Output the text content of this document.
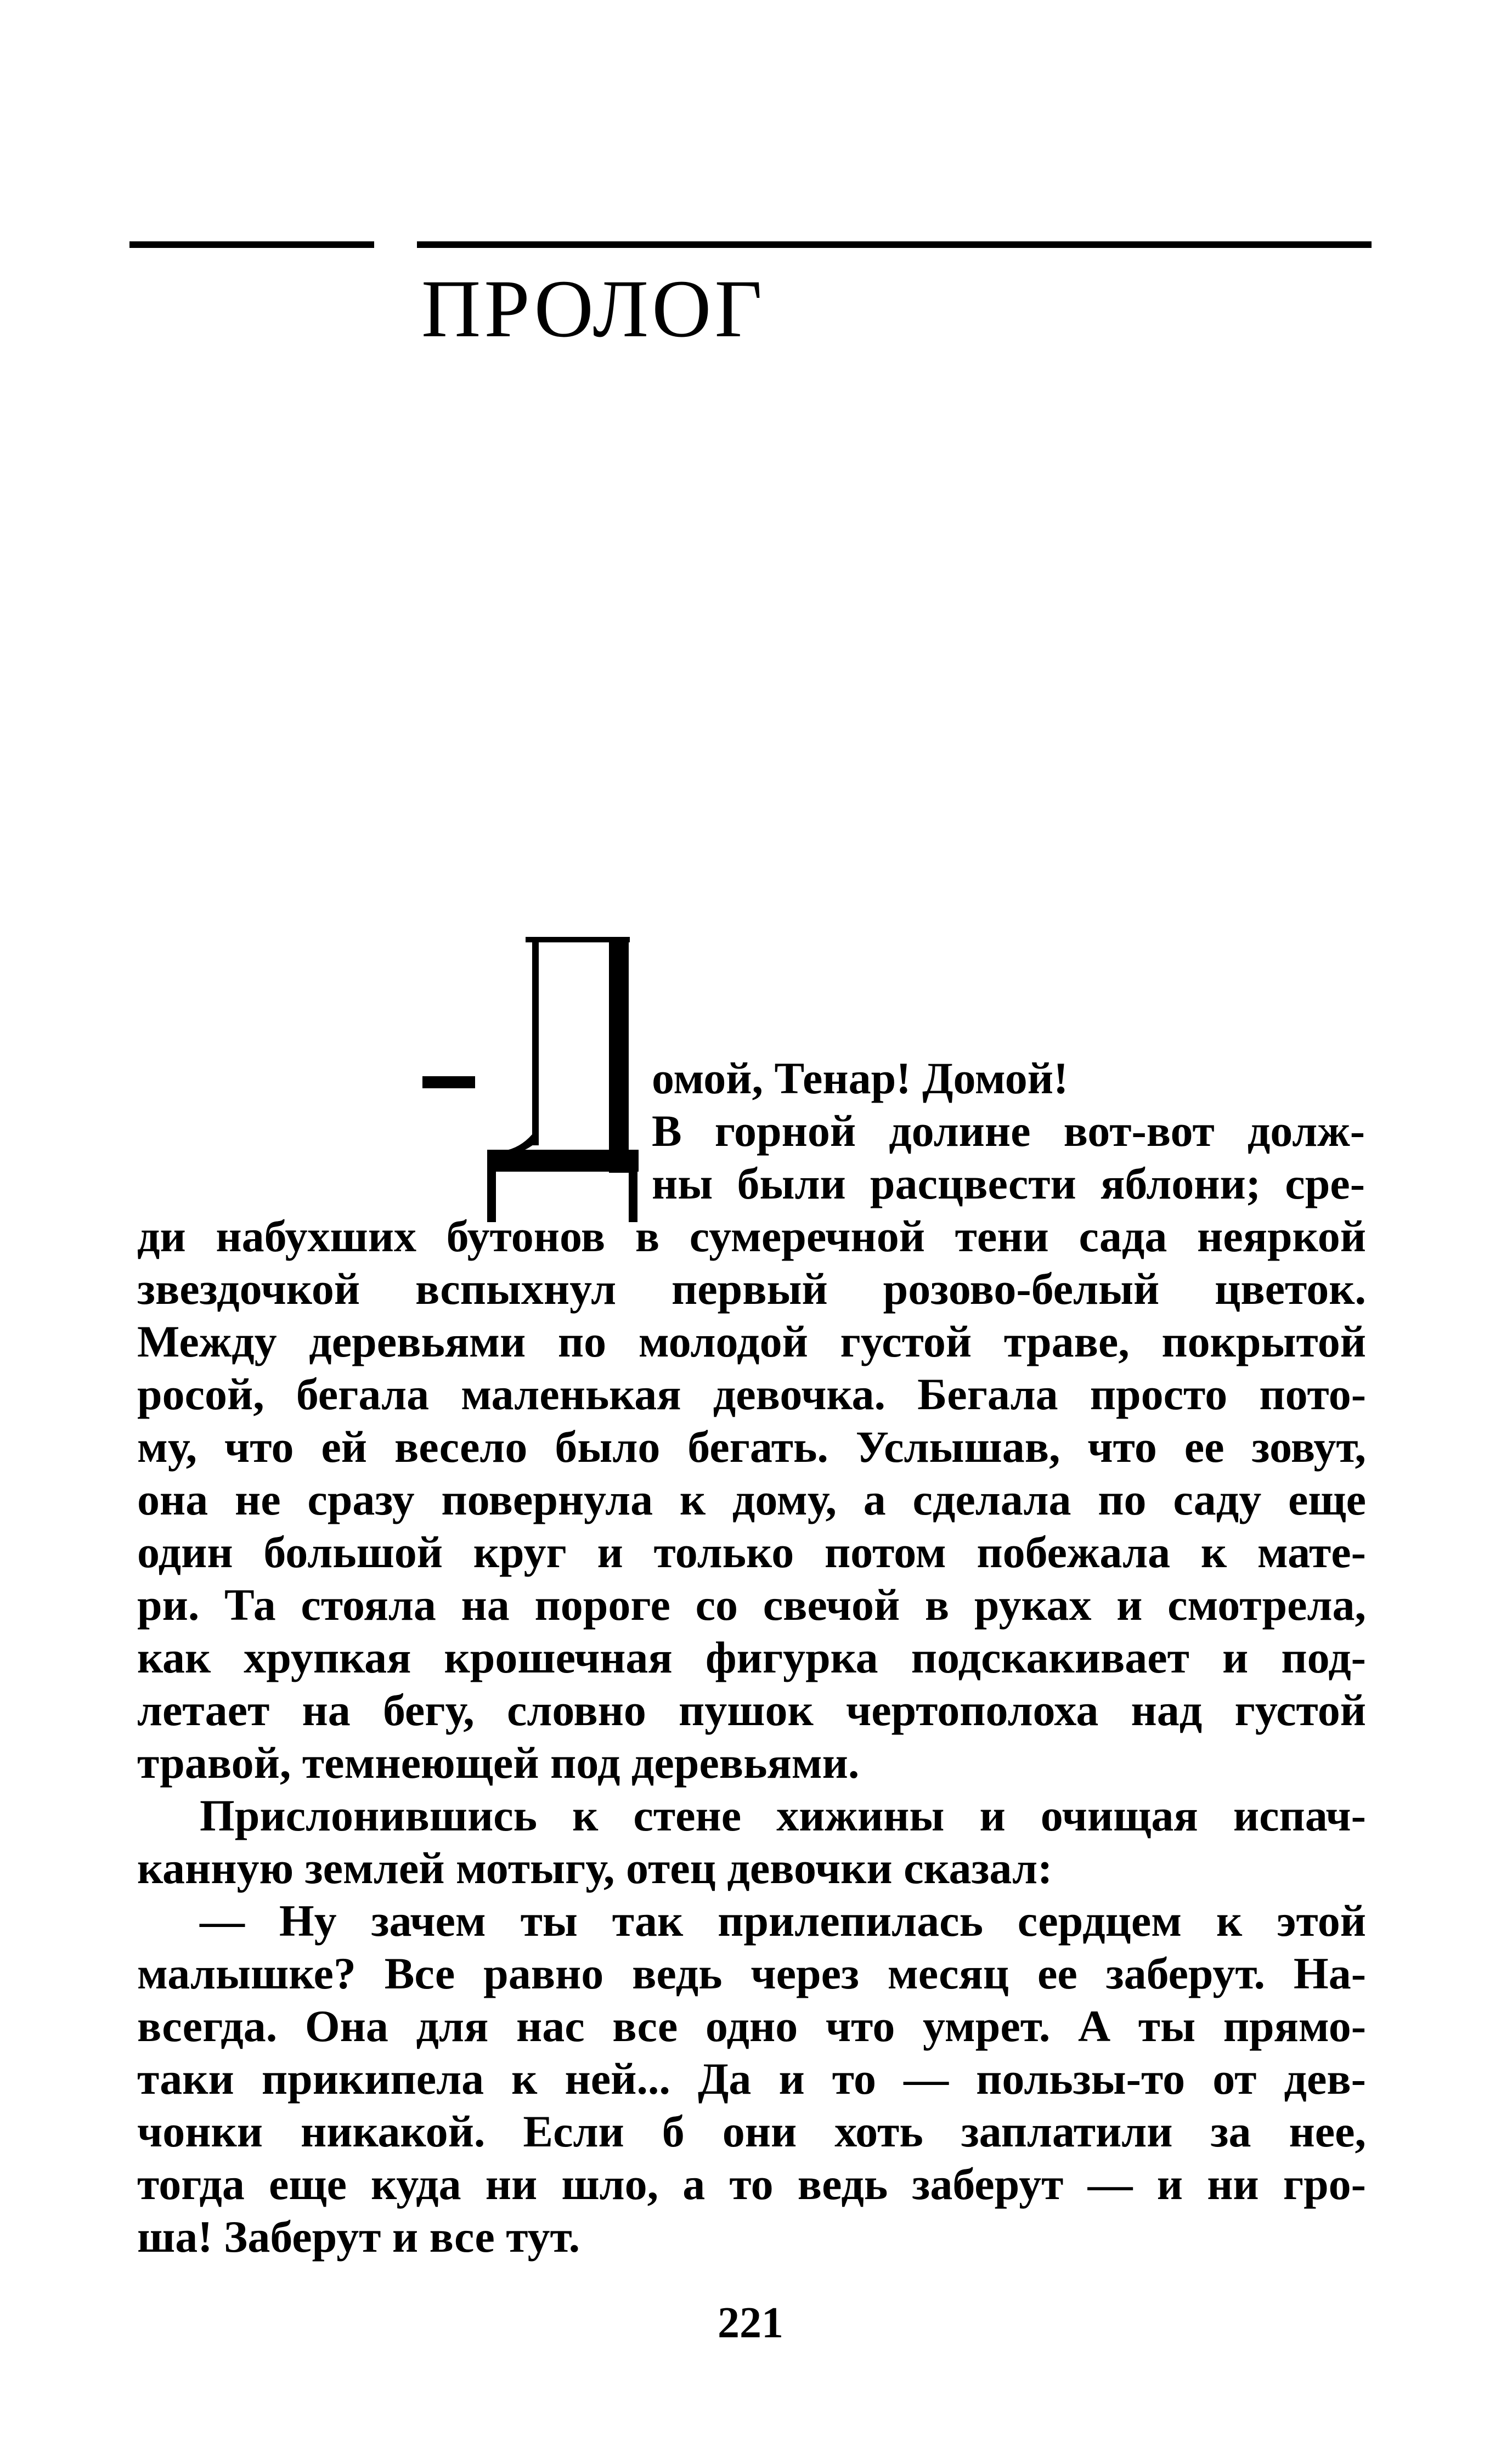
ПРОЛОГ
омой, Тенар! Домой!
В горной долине вот-вот долж-
ны были расцвести яблони; сре-
ди набухших бутонов в сумеречной тени сада неяркой
звездочкой вспыхнул первый розово-белый цветок.
Между деревьями по молодой густой траве, покрытой
росой, бегала маленькая девочка. Бегала просто пото-
му, что ей весело было бегать. Услышав, что ее зовут,
она не сразу повернула к дому, а сделала по саду еще
один большой круг и только потом побежала к мате-
ри. Та стояла на пороге со свечой в руках и смотрела,
как хрупкая крошечная фигурка подскакивает и под-
летает на бегу, словно пушок чертополоха над густой
травой, темнеющей под деревьями.
Прислонившись к стене хижины и очищая испач-
канную землей мотыгу, отец девочки сказал:
— Ну зачем ты так прилепилась сердцем к этой
малышке? Все равно ведь через месяц ее заберут. На-
всегда. Она для нас все одно что умрет. А ты прямо-
таки прикипела к ней... Да и то — пользы-то от дев-
чонки никакой. Если б они хоть заплатили за нее,
тогда еще куда ни шло, а то ведь заберут — и ни гро-
ша! Заберут и все тут.

221
